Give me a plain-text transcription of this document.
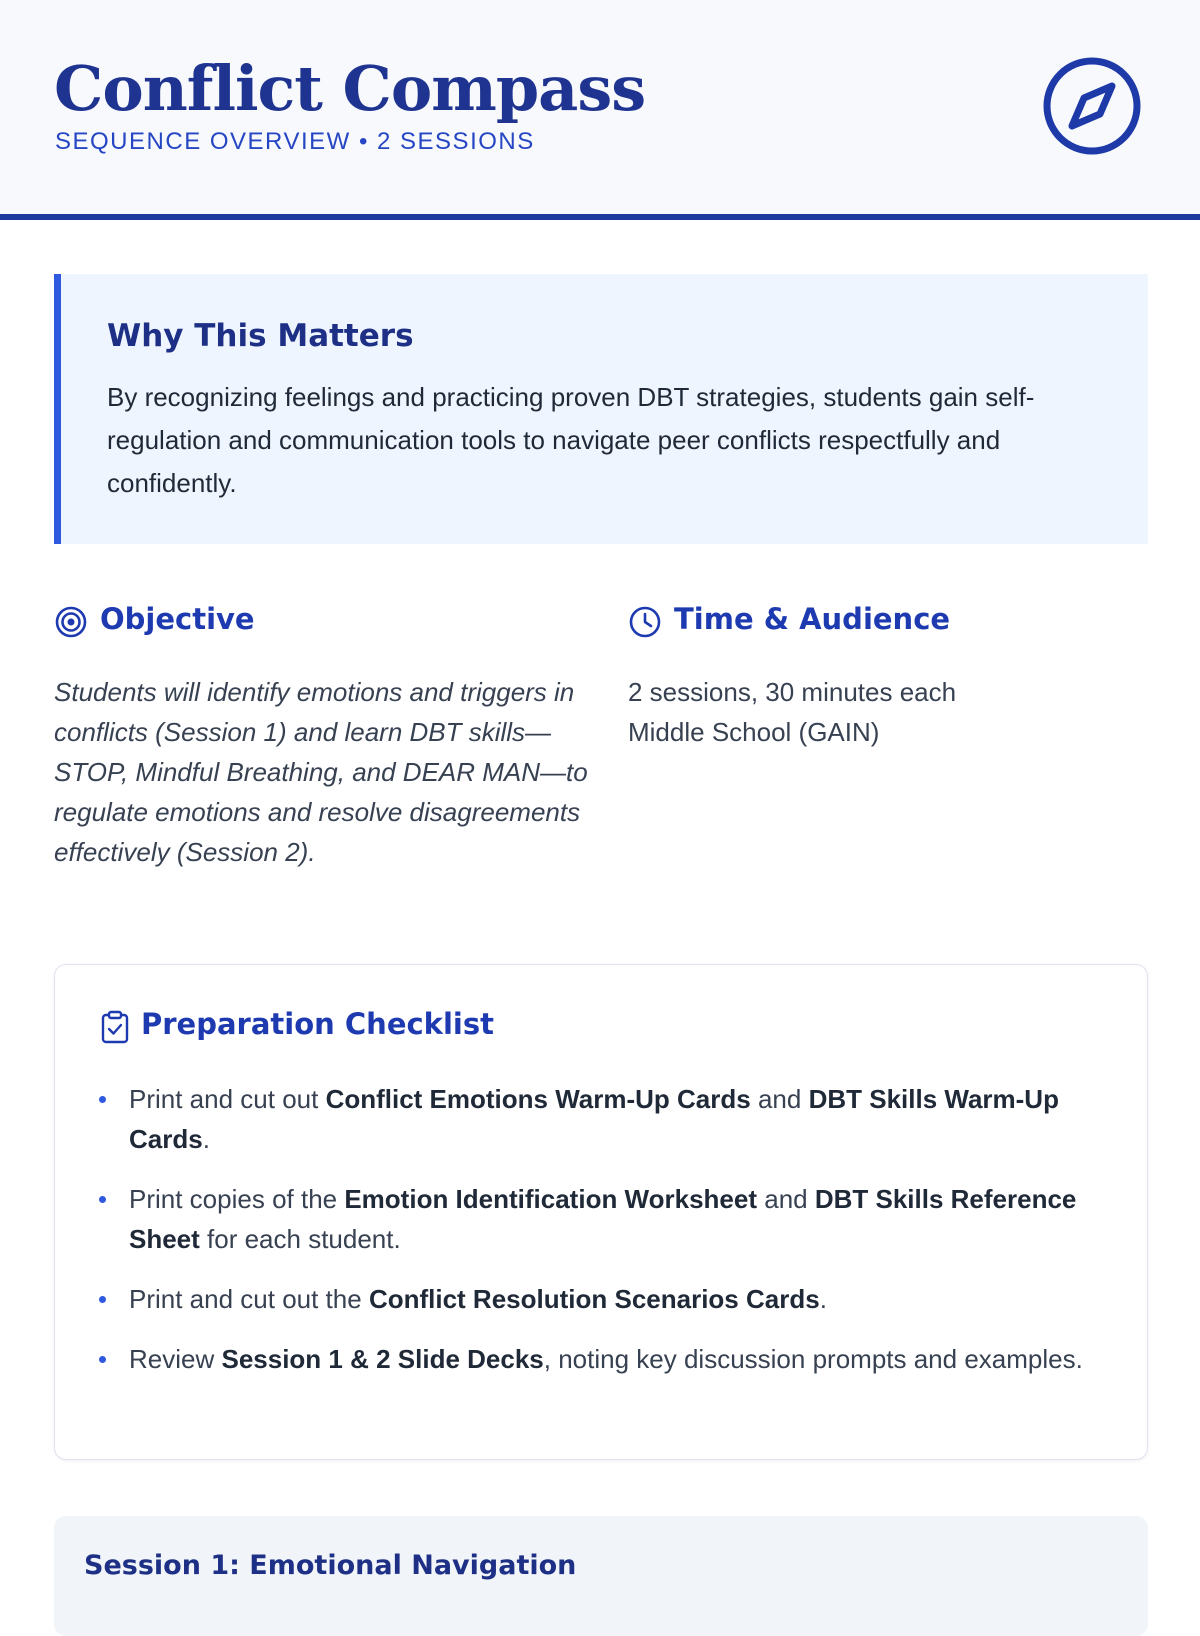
Conflict Compass
SEQUENCE OVERVIEW • 2 SESSIONS
Why This Matters

By recognizing feelings and practicing proven DBT strategies, students gain self-regulation and communication tools to navigate peer conflicts respectfully and confidently.

Objective

Students will identify emotions and triggers in conflicts (Session 1) and learn DBT skills—STOP, Mindful Breathing, and DEAR MAN—to regulate emotions and resolve disagreements effectively (Session 2).

Time & Audience
2 sessions, 30 minutes each
Middle School (GAIN)
Preparation Checklist
Print and cut out Conflict Emotions Warm-Up Cards and DBT Skills Warm-Up Cards.
Print copies of the Emotion Identification Worksheet and DBT Skills Reference Sheet for each student.
Print and cut out the Conflict Resolution Scenarios Cards.
Review Session 1 & 2 Slide Decks, noting key discussion prompts and examples.
Session 1: Emotional Navigation
